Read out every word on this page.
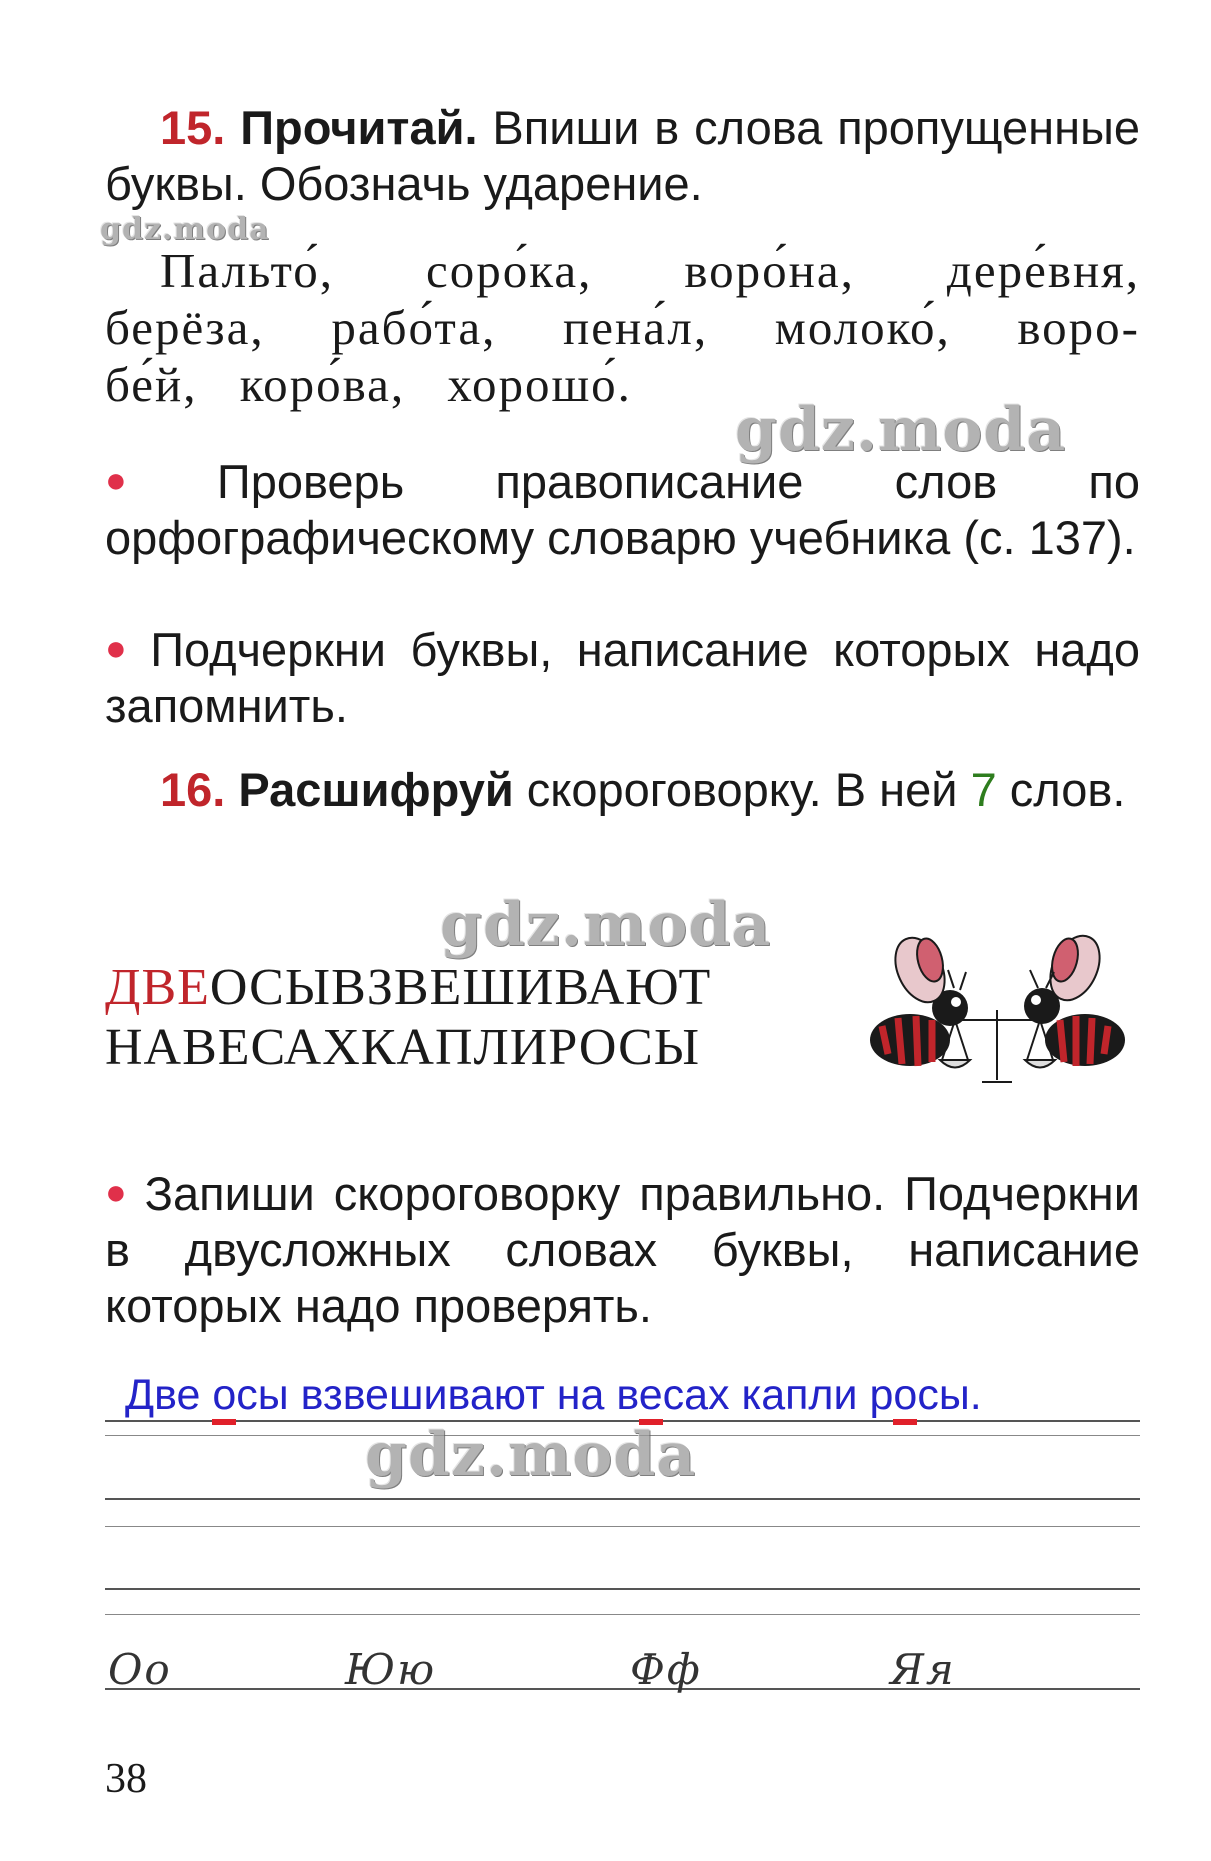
15. Прочитай. Впиши в слова пропущенные буквы. Обозначь ударение.
Пальто́, соро́ка, воро́на, дере́вня,
берёза, рабо́та, пена́л, молоко́, воро-
бе́й, коро́ва, хорошо́.
● Проверь правописание слов по орфографическому словарю учебника (с. 137).
● Подчеркни буквы, написание которых надо запомнить.
16. Расшифруй скороговорку. В ней 7 слов.
ДВЕОСЫВЗВЕШИВАЮТ
НАВЕСАХКАПЛИРОСЫ
● Запиши скороговорку правильно. Подчеркни в двусложных словах буквы, написание которых надо проверять.
Две осы взвешивают на весах капли росы.
Оо	Юю	Фф	Яя
38
gdz.moda
gdz.moda
gdz.moda
gdz.moda
